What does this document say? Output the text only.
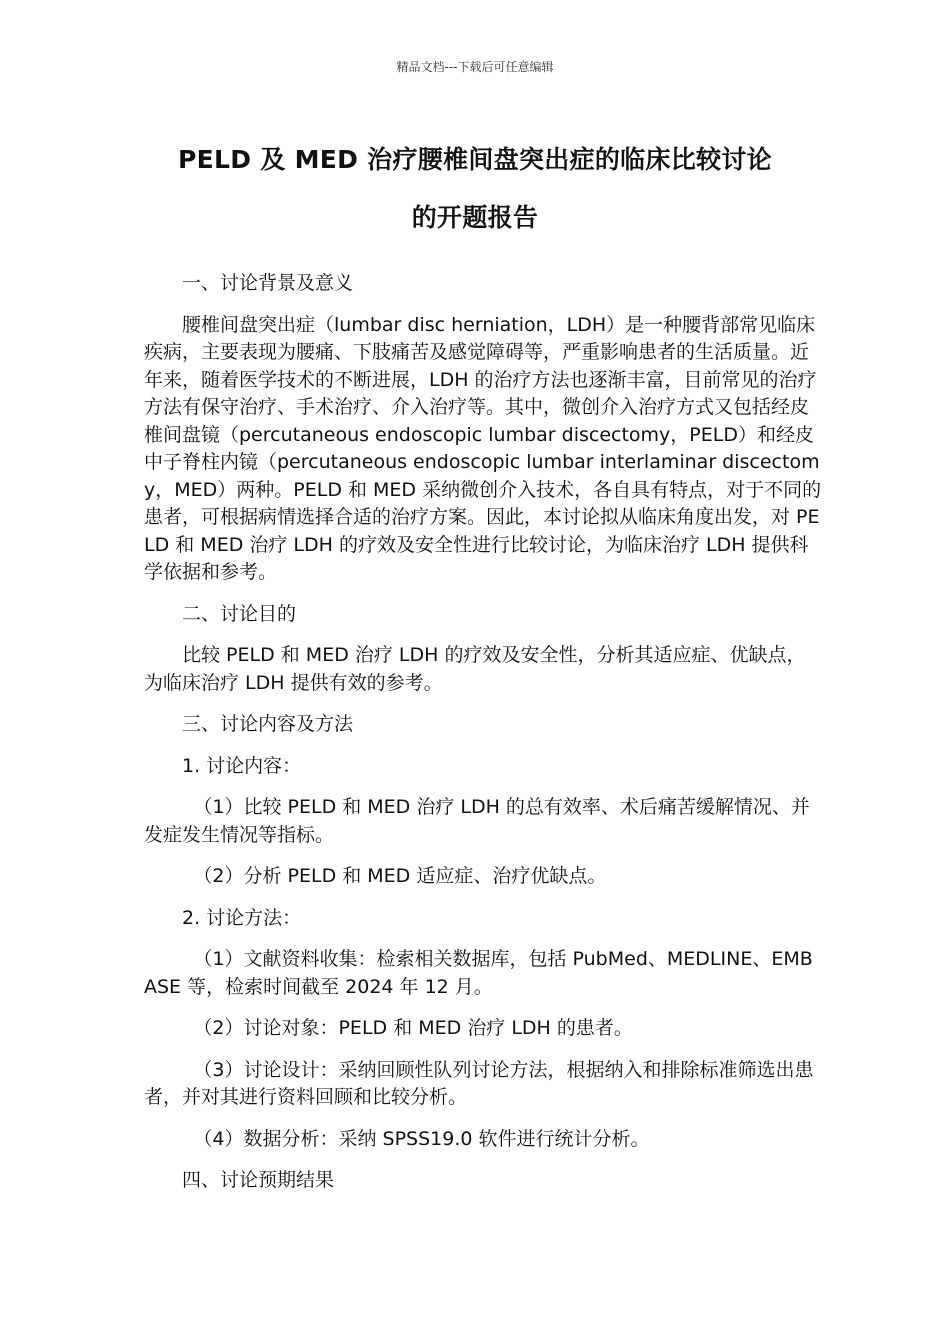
精品文档---下载后可任意编辑
PELD 及 MED 治疗腰椎间盘突出症的临床比较讨论
的开题报告

一、讨论背景及意义

腰椎间盘突出症（lumbar disc herniation，LDH）是一种腰背部常见临床疾病，主要表现为腰痛、下肢痛苦及感觉障碍等，严重影响患者的生活质量。近年来，随着医学技术的不断进展，LDH 的治疗方法也逐渐丰富，目前常见的治疗方法有保守治疗、手术治疗、介入治疗等。其中，微创介入治疗方式又包括经皮椎间盘镜（percutaneous endoscopic lumbar discectomy，PELD）和经皮中子脊柱内镜（percutaneous endoscopic lumbar interlaminar discectomy，MED）两种。PELD 和 MED 采纳微创介入技术，各自具有特点，对于不同的患者，可根据病情选择合适的治疗方案。因此，本讨论拟从临床角度出发，对 PELD 和 MED 治疗 LDH 的疗效及安全性进行比较讨论，为临床治疗 LDH 提供科学依据和参考。

二、讨论目的

比较 PELD 和 MED 治疗 LDH 的疗效及安全性，分析其适应症、优缺点，为临床治疗 LDH 提供有效的参考。

三、讨论内容及方法

1. 讨论内容：

（1）比较 PELD 和 MED 治疗 LDH 的总有效率、术后痛苦缓解情况、并发症发生情况等指标。

（2）分析 PELD 和 MED 适应症、治疗优缺点。

2. 讨论方法：

（1）文献资料收集：检索相关数据库，包括 PubMed、MEDLINE、EMBASE 等，检索时间截至 2024 年 12 月。

（2）讨论对象：PELD 和 MED 治疗 LDH 的患者。

（3）讨论设计：采纳回顾性队列讨论方法，根据纳入和排除标准筛选出患者，并对其进行资料回顾和比较分析。

（4）数据分析：采纳 SPSS19.0 软件进行统计分析。

四、讨论预期结果
